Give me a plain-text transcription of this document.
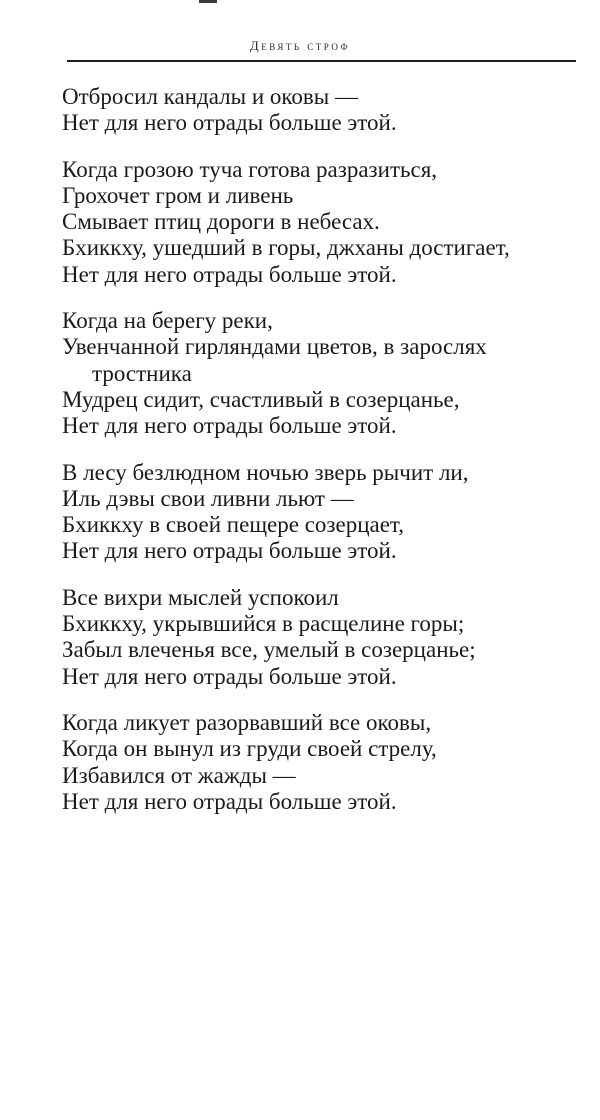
Девять строф
Отбросил кандалы и оковы —
Нет для него отрады больше этой.
Когда грозою туча готова разразиться,
Грохочет гром и ливень
Смывает птиц дороги в небесах.
Бхиккху, ушедший в горы, джханы достигает,
Нет для него отрады больше этой.
Когда на берегу реки,
Увенчанной гирляндами цветов, в зарослях
тростника
Мудрец сидит, счастливый в созерцанье,
Нет для него отрады больше этой.
В лесу безлюдном ночью зверь рычит ли,
Иль дэвы свои ливни льют —
Бхиккху в своей пещере созерцает,
Нет для него отрады больше этой.
Все вихри мыслей успокоил
Бхиккху, укрывшийся в расщелине горы;
Забыл влеченья все, умелый в созерцанье;
Нет для него отрады больше этой.
Когда ликует разорвавший все оковы,
Когда он вынул из груди своей стрелу,
Избавился от жажды —
Нет для него отрады больше этой.
